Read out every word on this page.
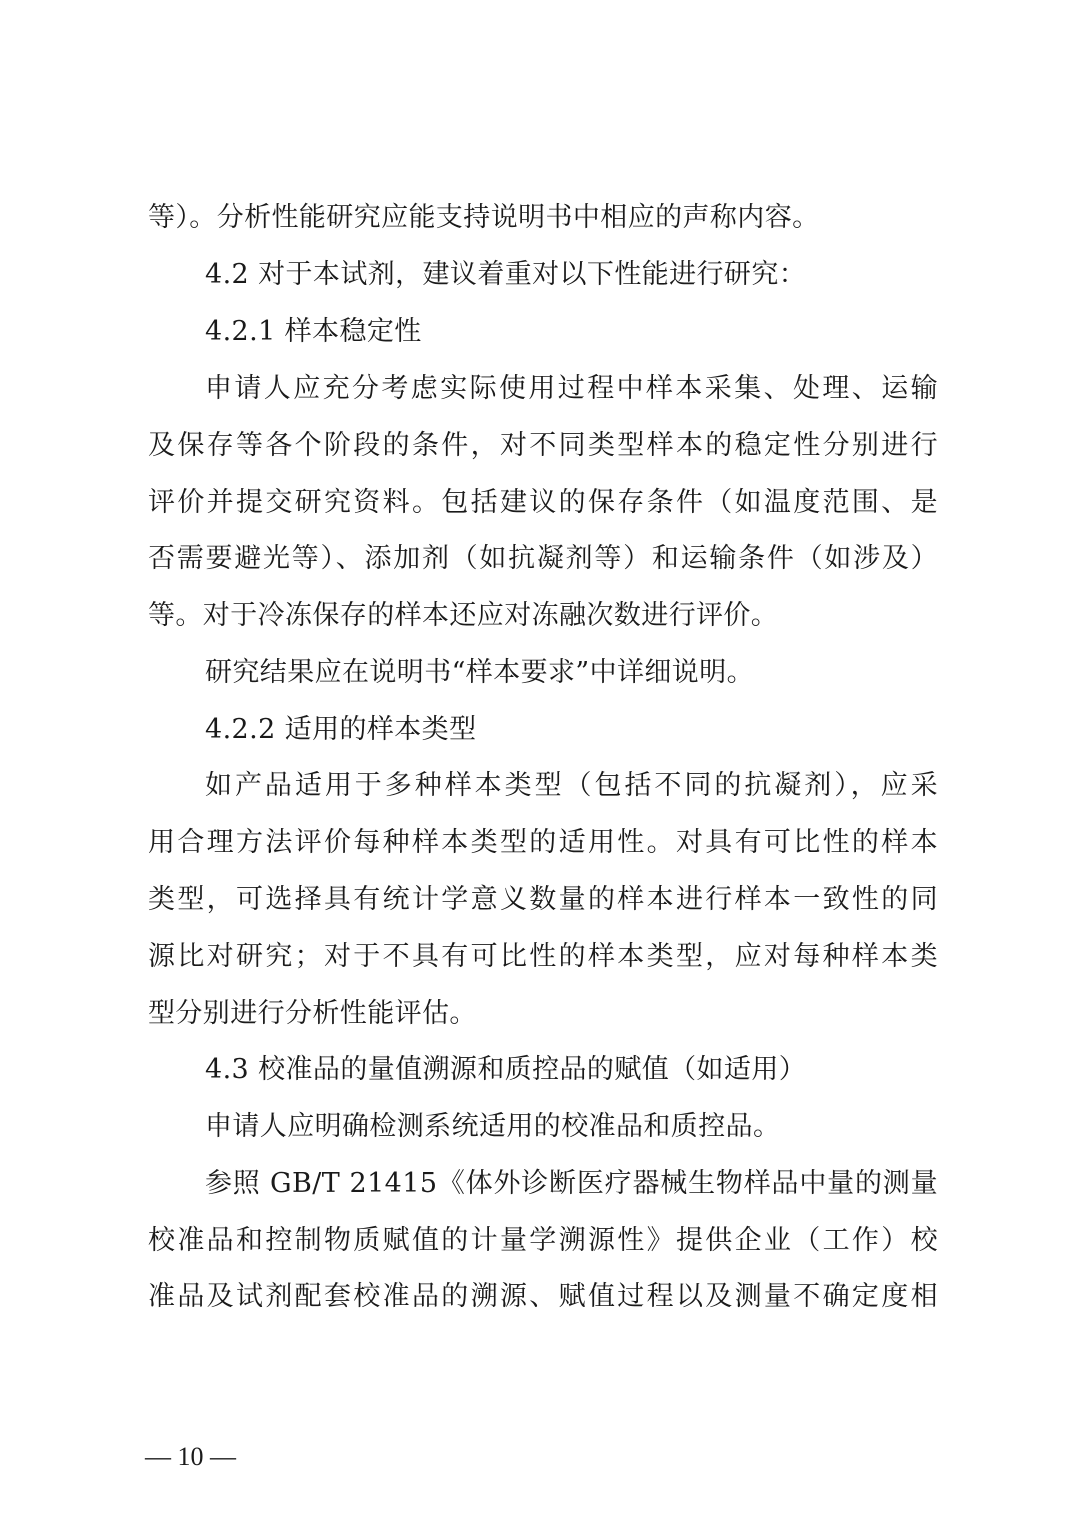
等）。分析性能研究应能支持说明书中相应的声称内容。
4.2 对于本试剂，建议着重对以下性能进行研究：
4.2.1 样本稳定性
申请人应充分考虑实际使用过程中样本采集、处理、运输
及保存等各个阶段的条件，对不同类型样本的稳定性分别进行
评价并提交研究资料。包括建议的保存条件（如温度范围、是
否需要避光等）、添加剂（如抗凝剂等）和运输条件（如涉及）
等。对于冷冻保存的样本还应对冻融次数进行评价。
研究结果应在说明书“样本要求”中详细说明。
4.2.2 适用的样本类型
如产品适用于多种样本类型（包括不同的抗凝剂），应采
用合理方法评价每种样本类型的适用性。对具有可比性的样本
类型，可选择具有统计学意义数量的样本进行样本一致性的同
源比对研究；对于不具有可比性的样本类型，应对每种样本类
型分别进行分析性能评估。
4.3 校准品的量值溯源和质控品的赋值（如适用）
申请人应明确检测系统适用的校准品和质控品。
参照 GB/T 21415《体外诊断医疗器械生物样品中量的测量
校准品和控制物质赋值的计量学溯源性》提供企业（工作）校
准品及试剂配套校准品的溯源、赋值过程以及测量不确定度相
— 10 —
